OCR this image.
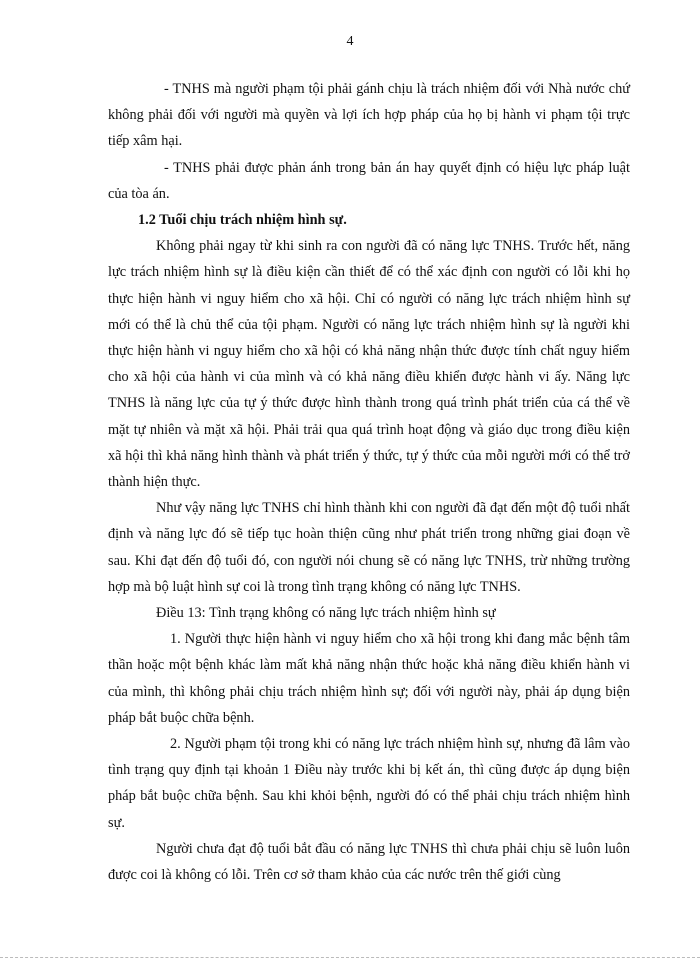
4

- TNHS mà người phạm tội phải gánh chịu là trách nhiệm đối với Nhà nước chứ không phải đối với người mà quyền và lợi ích hợp pháp của họ bị hành vi phạm tội trực tiếp xâm hại.

- TNHS phải được phản ánh trong bản án hay quyết định có hiệu lực pháp luật của tòa án.

1.2 Tuổi chịu trách nhiệm hình sự.

Không phải ngay từ khi sinh ra con người đã có năng lực TNHS. Trước hết, năng lực trách nhiệm hình sự là điều kiện cần thiết để có thể xác định con người có lỗi khi họ thực hiện hành vi nguy hiểm cho xã hội. Chỉ có người có năng lực trách nhiệm hình sự mới có thể là chủ thể của tội phạm. Người có năng lực trách nhiệm hình sự là người khi thực hiện hành vi nguy hiểm cho xã hội có khả năng nhận thức được tính chất nguy hiểm cho xã hội của hành vi của mình và có khả năng điều khiển được hành vi ấy. Năng lực TNHS là năng lực của tự ý thức được hình thành trong quá trình phát triển của cá thể về mặt tự nhiên và mặt xã hội. Phải trải qua quá trình hoạt động và giáo dục trong điều kiện xã hội thì khả năng hình thành và phát triển ý thức, tự ý thức của mỗi người mới có thể trở thành hiện thực.

Như vậy năng lực TNHS chỉ hình thành khi con người đã đạt đến một độ tuổi nhất định và năng lực đó sẽ tiếp tục hoàn thiện cũng như phát triển trong những giai đoạn về sau. Khi đạt đến độ tuổi đó, con người nói chung sẽ có năng lực TNHS, trừ những trường hợp mà bộ luật hình sự coi là trong tình trạng không có năng lực TNHS.

Điều 13: Tình trạng không có năng lực trách nhiệm hình sự

1. Người thực hiện hành vi nguy hiểm cho xã hội trong khi đang mắc bệnh tâm thần hoặc một bệnh khác làm mất khả năng nhận thức hoặc khả năng điều khiển hành vi của mình, thì không phải chịu trách nhiệm hình sự; đối với người này, phải áp dụng biện pháp bắt buộc chữa bệnh.

2. Người phạm tội trong khi có năng lực trách nhiệm hình sự, nhưng đã lâm vào tình trạng quy định tại khoản 1 Điều này trước khi bị kết án, thì cũng được áp dụng biện pháp bắt buộc chữa bệnh. Sau khi khỏi bệnh, người đó có thể phải chịu trách nhiệm hình sự.

Người chưa đạt độ tuổi bắt đầu có năng lực TNHS thì chưa phải chịu sẽ luôn luôn được coi là không có lỗi. Trên cơ sở tham khảo của các nước trên thế giới cùng
